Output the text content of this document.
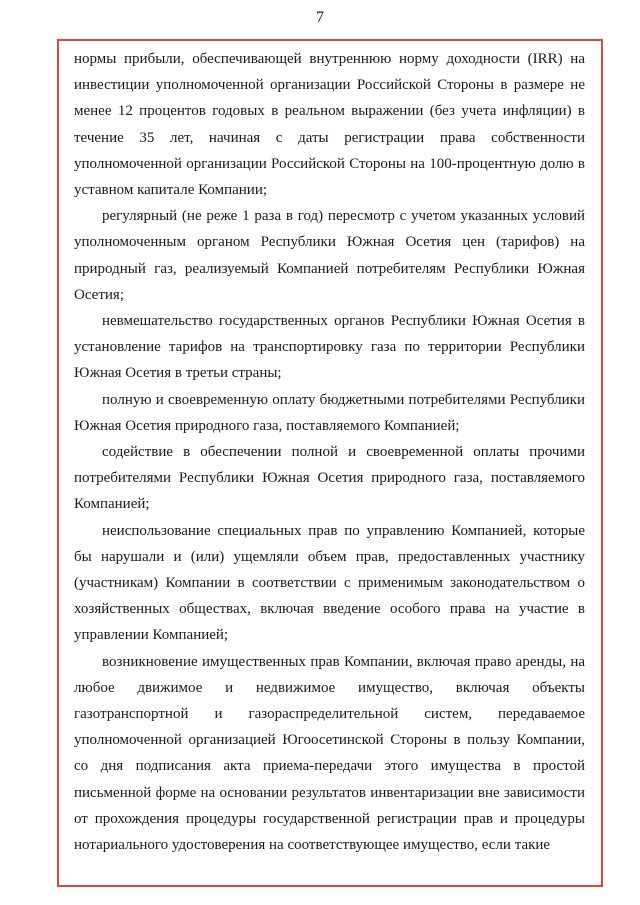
7

нормы прибыли, обеспечивающей внутреннюю норму доходности (IRR) на инвестиции уполномоченной организации Российской Стороны в размере не менее 12 процентов годовых в реальном выражении (без учета инфляции) в течение 35 лет, начиная с даты регистрации права собственности уполномоченной организации Российской Стороны на 100-процентную долю в уставном капитале Компании;

регулярный (не реже 1 раза в год) пересмотр с учетом указанных условий уполномоченным органом Республики Южная Осетия цен (тарифов) на природный газ, реализуемый Компанией потребителям Республики Южная Осетия;

невмешательство государственных органов Республики Южная Осетия в установление тарифов на транспортировку газа по территории Республики Южная Осетия в третьи страны;

полную и своевременную оплату бюджетными потребителями Республики Южная Осетия природного газа, поставляемого Компанией;

содействие в обеспечении полной и своевременной оплаты прочими потребителями Республики Южная Осетия природного газа, поставляемого Компанией;

неиспользование специальных прав по управлению Компанией, которые бы нарушали и (или) ущемляли объем прав, предоставленных участнику (участникам) Компании в соответствии с применимым законодательством о хозяйственных обществах, включая введение особого права на участие в управлении Компанией;

возникновение имущественных прав Компании, включая право аренды, на любое движимое и недвижимое имущество, включая объекты газотранспортной и газораспределительной систем, передаваемое уполномоченной организацией Югоосетинской Стороны в пользу Компании, со дня подписания акта приема-передачи этого имущества в простой письменной форме на основании результатов инвентаризации вне зависимости от прохождения процедуры государственной регистрации прав и процедуры нотариального удостоверения на соответствующее имущество, если такие
